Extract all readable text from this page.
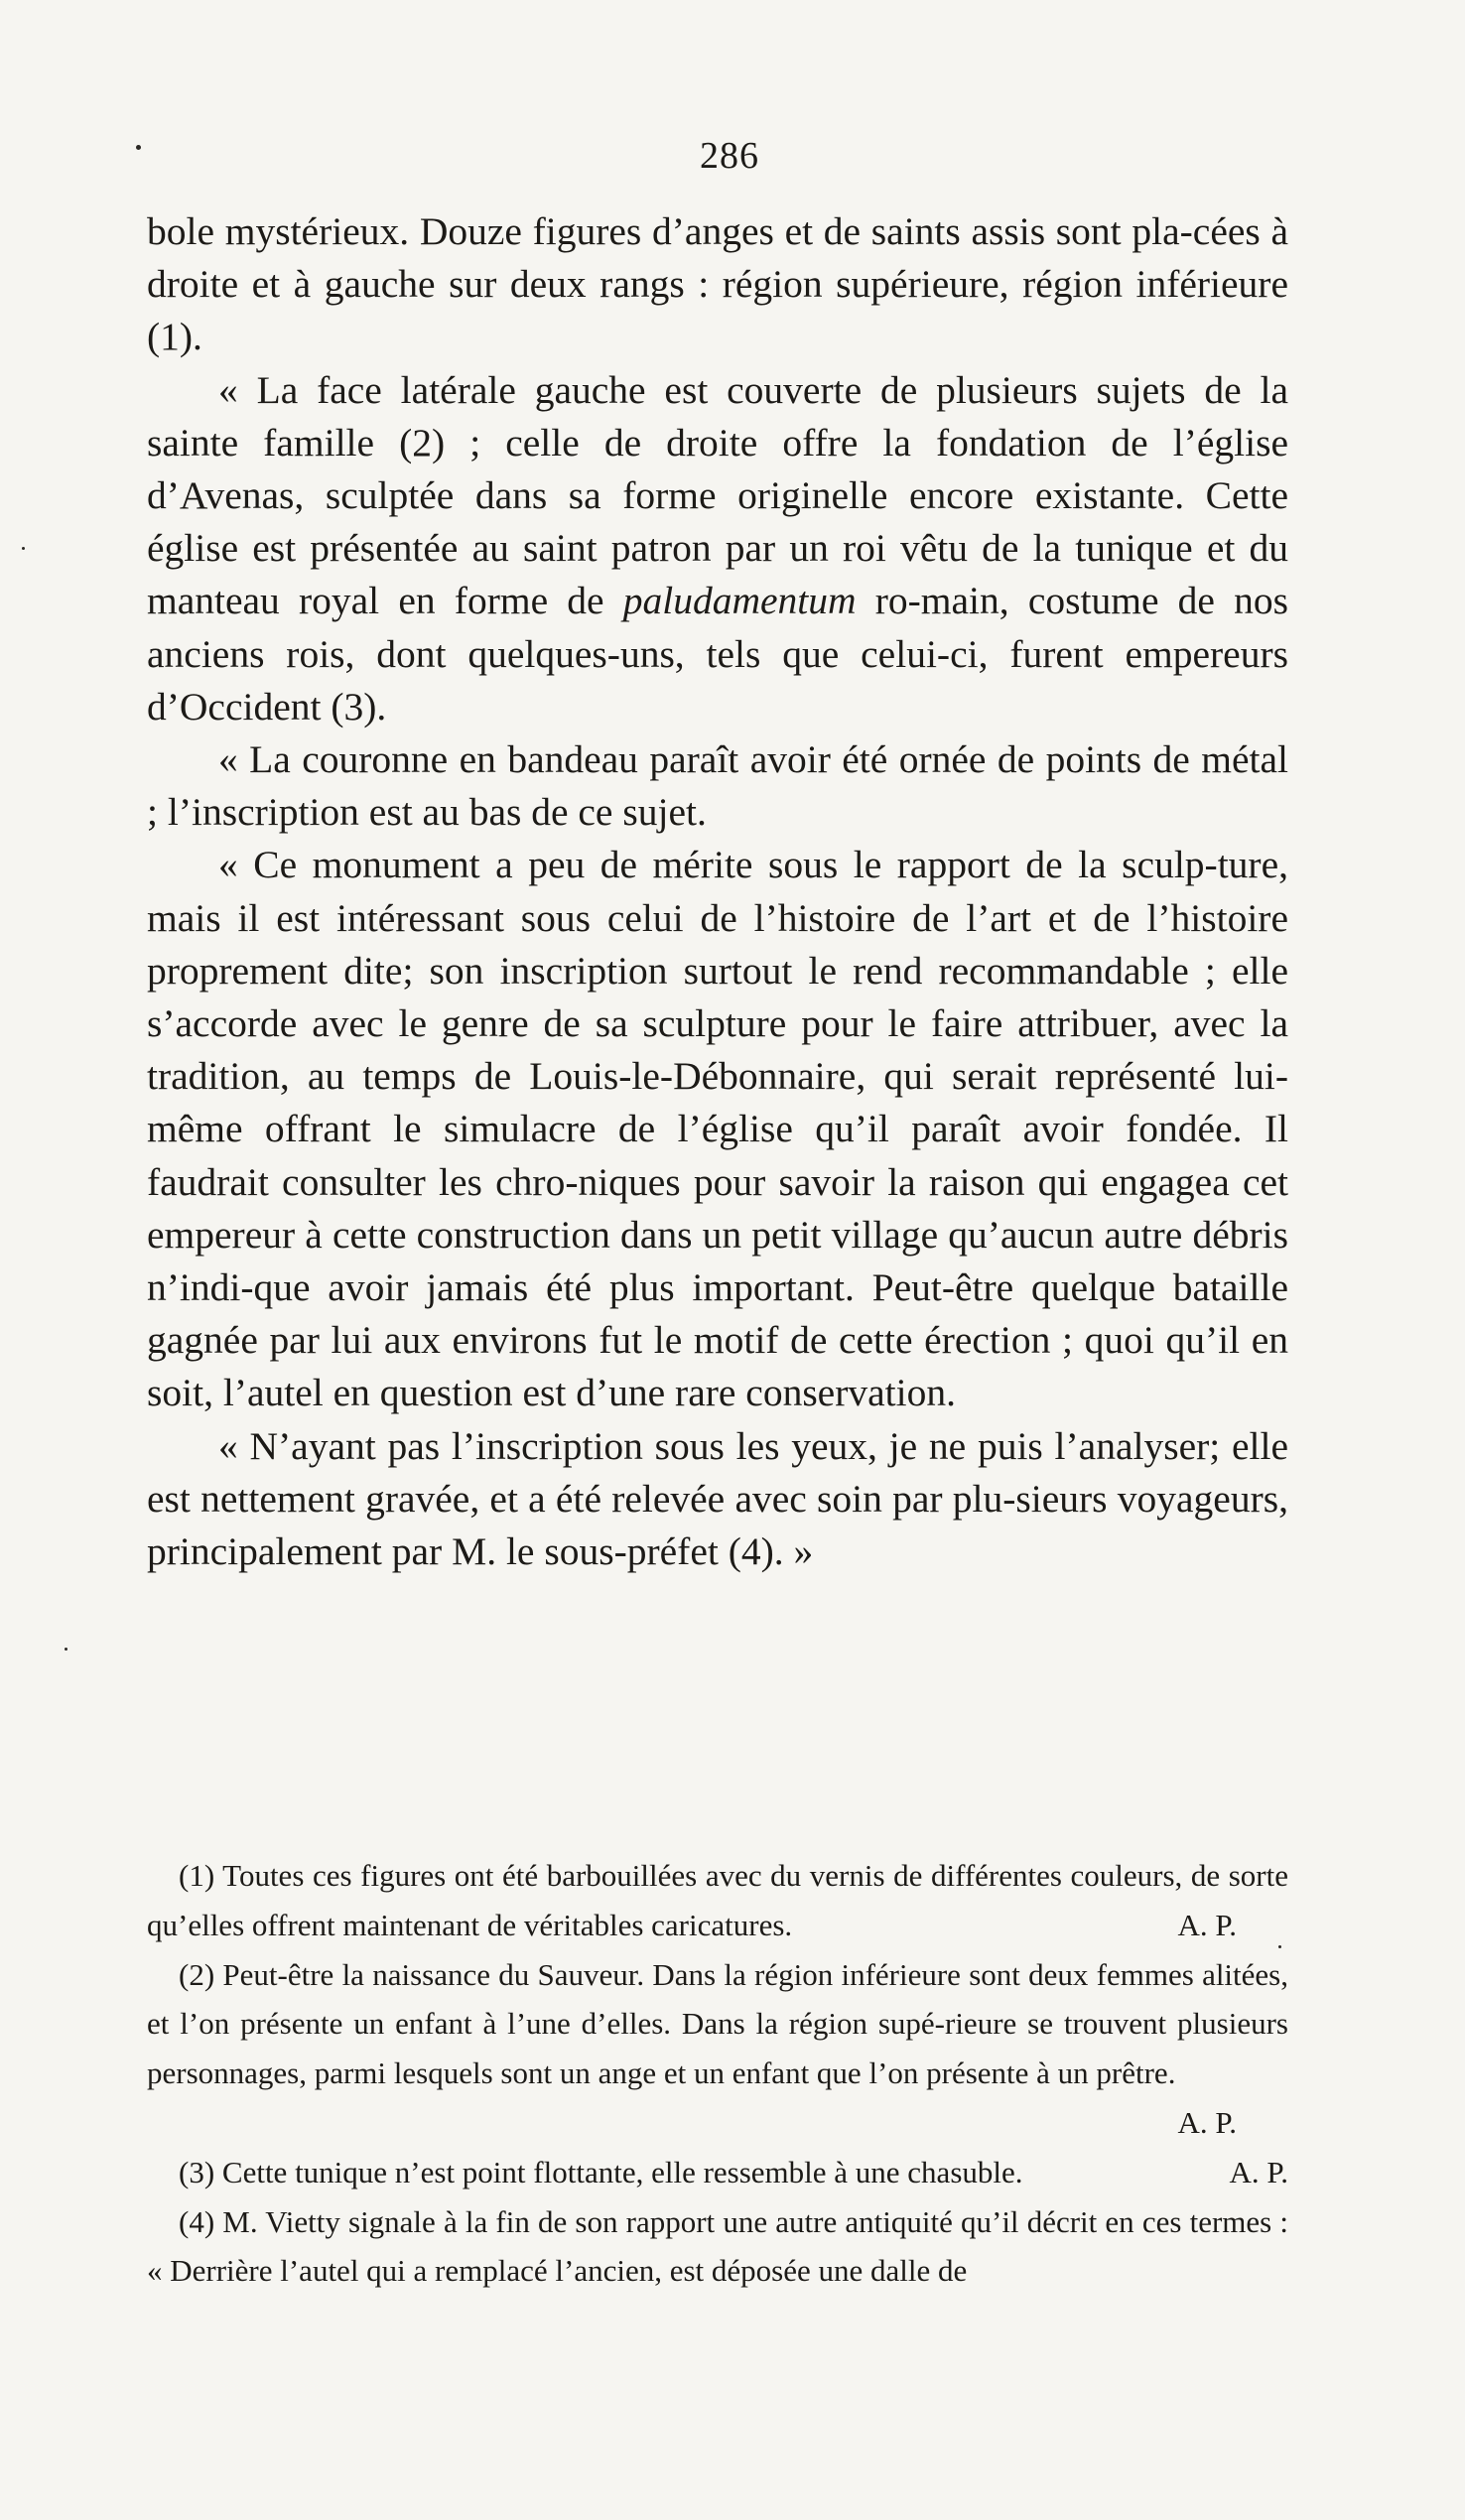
286

bole mystérieux. Douze figures d’anges et de saints assis sont pla-cées à droite et à gauche sur deux rangs : région supérieure, région inférieure (1).

« La face latérale gauche est couverte de plusieurs sujets de la sainte famille (2) ; celle de droite offre la fondation de l’église d’Avenas, sculptée dans sa forme originelle encore existante. Cette église est présentée au saint patron par un roi vêtu de la tunique et du manteau royal en forme de paludamentum ro-main, costume de nos anciens rois, dont quelques-uns, tels que celui-ci, furent empereurs d’Occident (3).

« La couronne en bandeau paraît avoir été ornée de points de métal ; l’inscription est au bas de ce sujet.

« Ce monument a peu de mérite sous le rapport de la sculp-ture, mais il est intéressant sous celui de l’histoire de l’art et de l’histoire proprement dite; son inscription surtout le rend recommandable ; elle s’accorde avec le genre de sa sculpture pour le faire attribuer, avec la tradition, au temps de Louis-le-Débonnaire, qui serait représenté lui-même offrant le simulacre de l’église qu’il paraît avoir fondée. Il faudrait consulter les chro-niques pour savoir la raison qui engagea cet empereur à cette construction dans un petit village qu’aucun autre débris n’indi-que avoir jamais été plus important. Peut-être quelque bataille gagnée par lui aux environs fut le motif de cette érection ; quoi qu’il en soit, l’autel en question est d’une rare conservation.

« N’ayant pas l’inscription sous les yeux, je ne puis l’analyser; elle est nettement gravée, et a été relevée avec soin par plu-sieurs voyageurs, principalement par M. le sous-préfet (4). »

(1) Toutes ces figures ont été barbouillées avec du vernis de différentes couleurs, de sorte qu’elles offrent maintenant de véritables caricatures.	A. P.

(2) Peut-être la naissance du Sauveur. Dans la région inférieure sont deux femmes alitées, et l’on présente un enfant à l’une d’elles. Dans la région supé-rieure se trouvent plusieurs personnages, parmi lesquels sont un ange et un enfant que l’on présente à un prêtre.
A. P.

(3) Cette tunique n’est point flottante, elle ressemble à une chasuble.	A. P.

(4) M. Vietty signale à la fin de son rapport une autre antiquité qu’il décrit en ces termes : « Derrière l’autel qui a remplacé l’ancien, est déposée une dalle de
